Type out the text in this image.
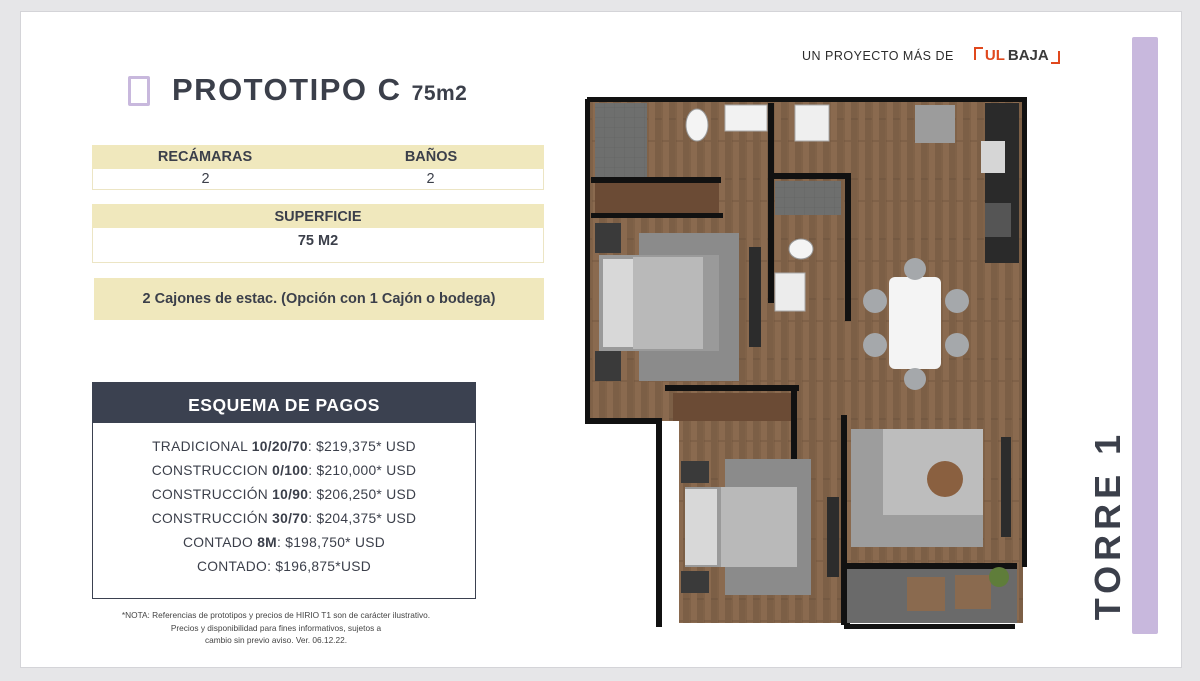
UN PROYECTO MÁS DE UL BAJA
PROTOTIPO C 75m2
RECÁMARAS	BAÑOS
2	2
SUPERFICIE
75 M2
2 Cajones de estac. (Opción con 1 Cajón o bodega)
ESQUEMA DE PAGOS
TRADICIONAL 10/20/70: $219,375* USD
CONSTRUCCION 0/100: $210,000* USD
CONSTRUCCIÓN 10/90: $206,250* USD
CONSTRUCCIÓN 30/70: $204,375* USD
CONTADO 8M: $198,750* USD
CONTADO: $196,875*USD
*NOTA: Referencias de prototipos y precios de HIRIO T1 son de carácter ilustrativo.
Precios y disponibilidad para fines informativos, sujetos a
cambio sin previo aviso. Ver. 06.12.22.
TORRE 1
